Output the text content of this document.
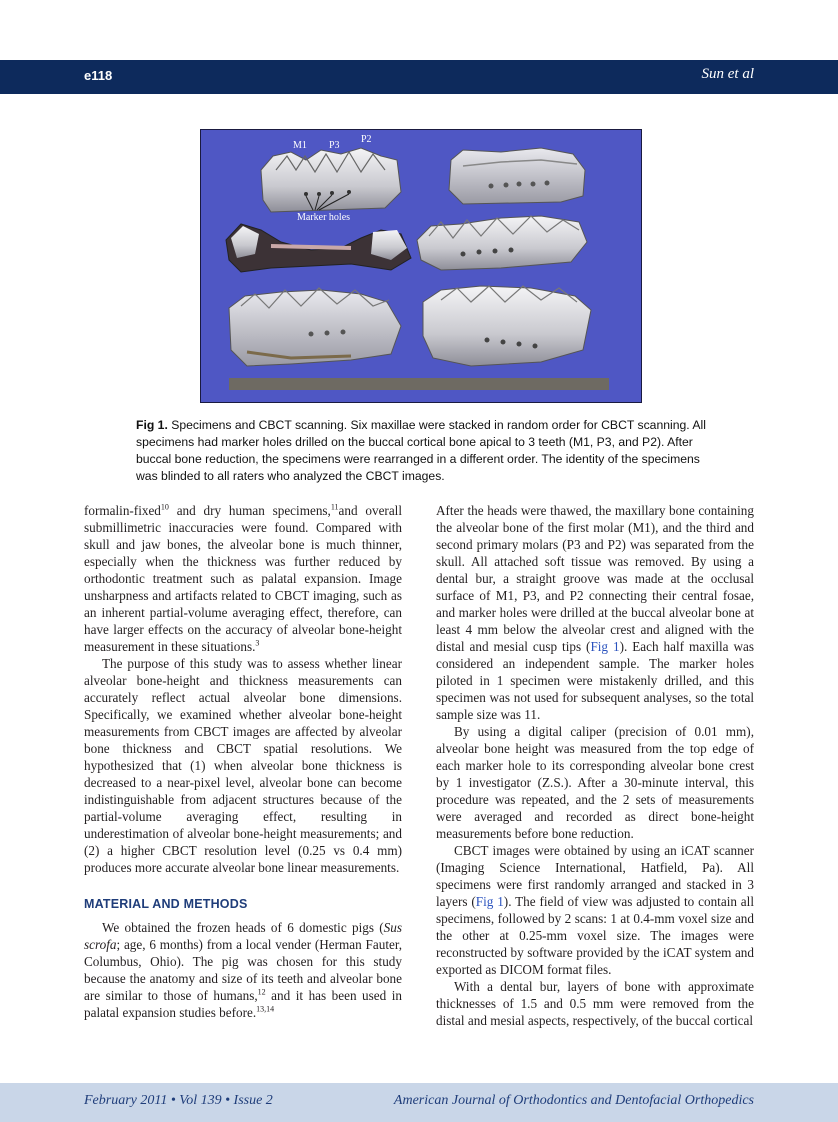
e118	Sun et al
M1 P3
P2
Marker holes
Fig 1. Specimens and CBCT scanning. Six maxillae were stacked in random order for CBCT scanning. All specimens had marker holes drilled on the buccal cortical bone apical to 3 teeth (M1, P3, and P2). After buccal bone reduction, the specimens were rearranged in a different order. The identity of the specimens was blinded to all raters who analyzed the CBCT images.

formalin-fixed$^{10}$ and dry human specimens,$^{11}$and overall submillimetric inaccuracies were found. Compared with skull and jaw bones, the alveolar bone is much thinner, especially when the thickness was further reduced by orthodontic treatment such as palatal expansion. Image unsharpness and artifacts related to CBCT imaging, such as an inherent partial-volume averaging effect, therefore, can have larger effects on the accuracy of alveolar bone-height measurement in these situations.$^3$

The purpose of this study was to assess whether linear alveolar bone-height and thickness measurements can accurately reflect actual alveolar bone dimensions. Specifically, we examined whether alveolar bone-height measurements from CBCT images are affected by alveolar bone thickness and CBCT spatial resolutions. We hypothesized that (1) when alveolar bone thickness is decreased to a near-pixel level, alveolar bone can become indistinguishable from adjacent structures because of the partial-volume averaging effect, resulting in underestimation of alveolar bone-height measurements; and (2) a higher CBCT resolution level (0.25 vs 0.4 mm) produces more accurate alveolar bone linear measurements.

MATERIAL AND METHODS

We obtained the frozen heads of 6 domestic pigs (Sus scrofa; age, 6 months) from a local vender (Herman Fauter, Columbus, Ohio). The pig was chosen for this study because the anatomy and size of its teeth and alveolar bone are similar to those of humans,$^{12}$ and it has been used in palatal expansion studies before.$^{13,14}$

After the heads were thawed, the maxillary bone containing the alveolar bone of the first molar (M1), and the third and second primary molars (P3 and P2) was separated from the skull. All attached soft tissue was removed. By using a dental bur, a straight groove was made at the occlusal surface of M1, P3, and P2 connecting their central fosae, and marker holes were drilled at the buccal alveolar bone at least 4 mm below the alveolar crest and aligned with the distal and mesial cusp tips (Fig 1). Each half maxilla was considered an independent sample. The marker holes piloted in 1 specimen were mistakenly drilled, and this specimen was not used for subsequent analyses, so the total sample size was 11.

By using a digital caliper (precision of 0.01 mm), alveolar bone height was measured from the top edge of each marker hole to its corresponding alveolar bone crest by 1 investigator (Z.S.). After a 30-minute interval, this procedure was repeated, and the 2 sets of measurements were averaged and recorded as direct bone-height measurements before bone reduction.

CBCT images were obtained by using an iCAT scanner (Imaging Science International, Hatfield, Pa). All specimens were first randomly arranged and stacked in 3 layers (Fig 1). The field of view was adjusted to contain all specimens, followed by 2 scans: 1 at 0.4-mm voxel size and the other at 0.25-mm voxel size. The images were reconstructed by software provided by the iCAT system and exported as DICOM format files.

With a dental bur, layers of bone with approximate thicknesses of 1.5 and 0.5 mm were removed from the distal and mesial aspects, respectively, of the buccal cortical

February 2011 • Vol 139 • Issue 2	American Journal of Orthodontics and Dentofacial Orthopedics
